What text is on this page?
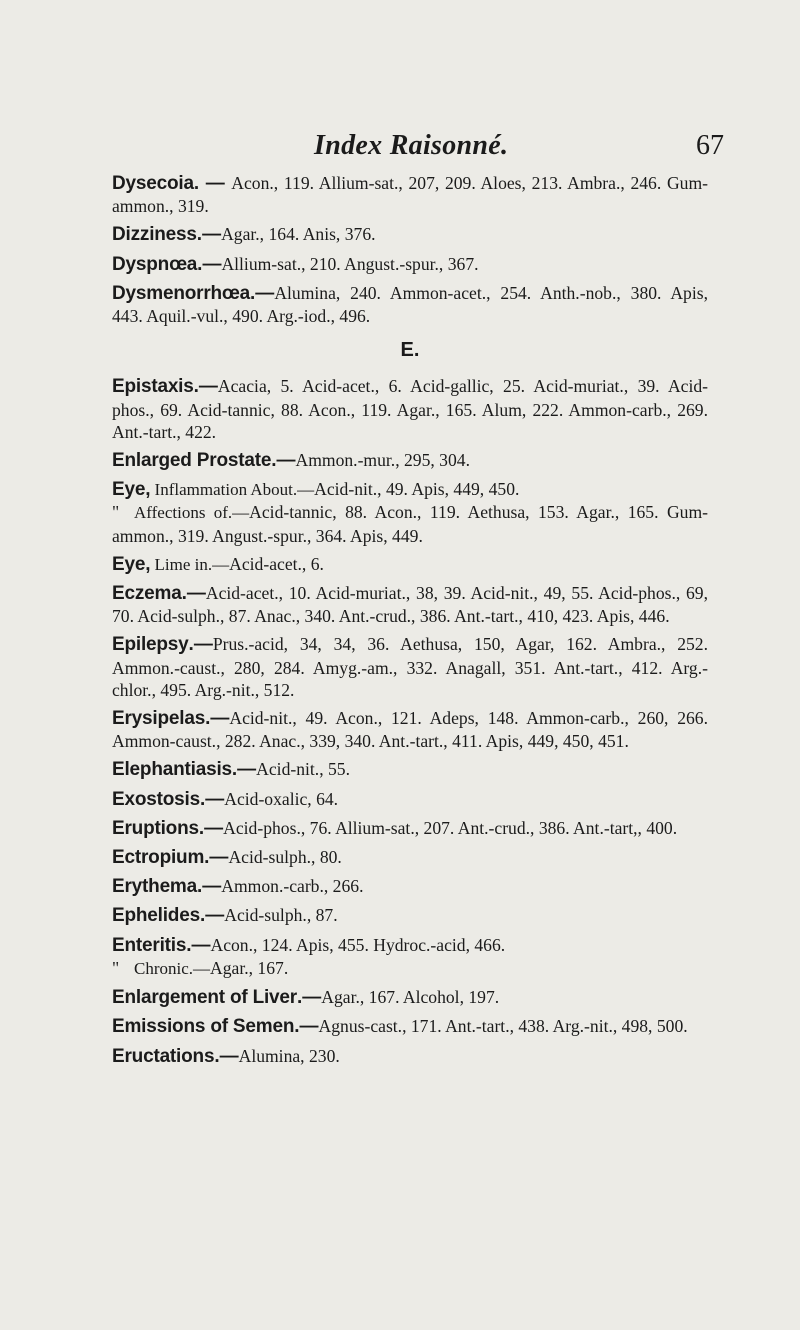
Index Raisonné.	67

Dysecoia. — Acon., 119. Allium-sat., 207, 209. Aloes, 213. Ambra., 246. Gum-ammon., 319.

Dizziness.—Agar., 164. Anis, 376.

Dyspnœa.—Allium-sat., 210. Angust.-spur., 367.

Dysmenorrhœa.—Alumina, 240. Ammon-acet., 254. Anth.-nob., 380. Apis, 443. Aquil.-vul., 490. Arg.-iod., 496.

E.

Epistaxis.—Acacia, 5. Acid-acet., 6. Acid-gallic, 25. Acid-muriat., 39. Acid-phos., 69. Acid-tannic, 88. Acon., 119. Agar., 165. Alum, 222. Ammon-carb., 269. Ant.-tart., 422.

Enlarged Prostate.—Ammon.-mur., 295, 304.

Eye, Inflammation About.—Acid-nit., 49. Apis, 449, 450.

" Affections of.—Acid-tannic, 88. Acon., 119. Aethusa, 153. Agar., 165. Gum-ammon., 319. Angust.-spur., 364. Apis, 449.

Eye, Lime in.—Acid-acet., 6.

Eczema.—Acid-acet., 10. Acid-muriat., 38, 39. Acid-nit., 49, 55. Acid-phos., 69, 70. Acid-sulph., 87. Anac., 340. Ant.-crud., 386. Ant.-tart., 410, 423. Apis, 446.

Epilepsy.—Prus.-acid, 34, 34, 36. Aethusa, 150, Agar, 162. Ambra., 252. Ammon.-caust., 280, 284. Amyg.-am., 332. Anagall, 351. Ant.-tart., 412. Arg.-chlor., 495. Arg.-nit., 512.

Erysipelas.—Acid-nit., 49. Acon., 121. Adeps, 148. Ammon-carb., 260, 266. Ammon-caust., 282. Anac., 339, 340. Ant.-tart., 411. Apis, 449, 450, 451.

Elephantiasis.—Acid-nit., 55.

Exostosis.—Acid-oxalic, 64.

Eruptions.—Acid-phos., 76. Allium-sat., 207. Ant.-crud., 386. Ant.-tart,, 400.

Ectropium.—Acid-sulph., 80.

Erythema.—Ammon.-carb., 266.

Ephelides.—Acid-sulph., 87.

Enteritis.—Acon., 124. Apis, 455. Hydroc.-acid, 466.

" Chronic.—Agar., 167.

Enlargement of Liver.—Agar., 167. Alcohol, 197.

Emissions of Semen.—Agnus-cast., 171. Ant.-tart., 438. Arg.-nit., 498, 500.

Eructations.—Alumina, 230.
